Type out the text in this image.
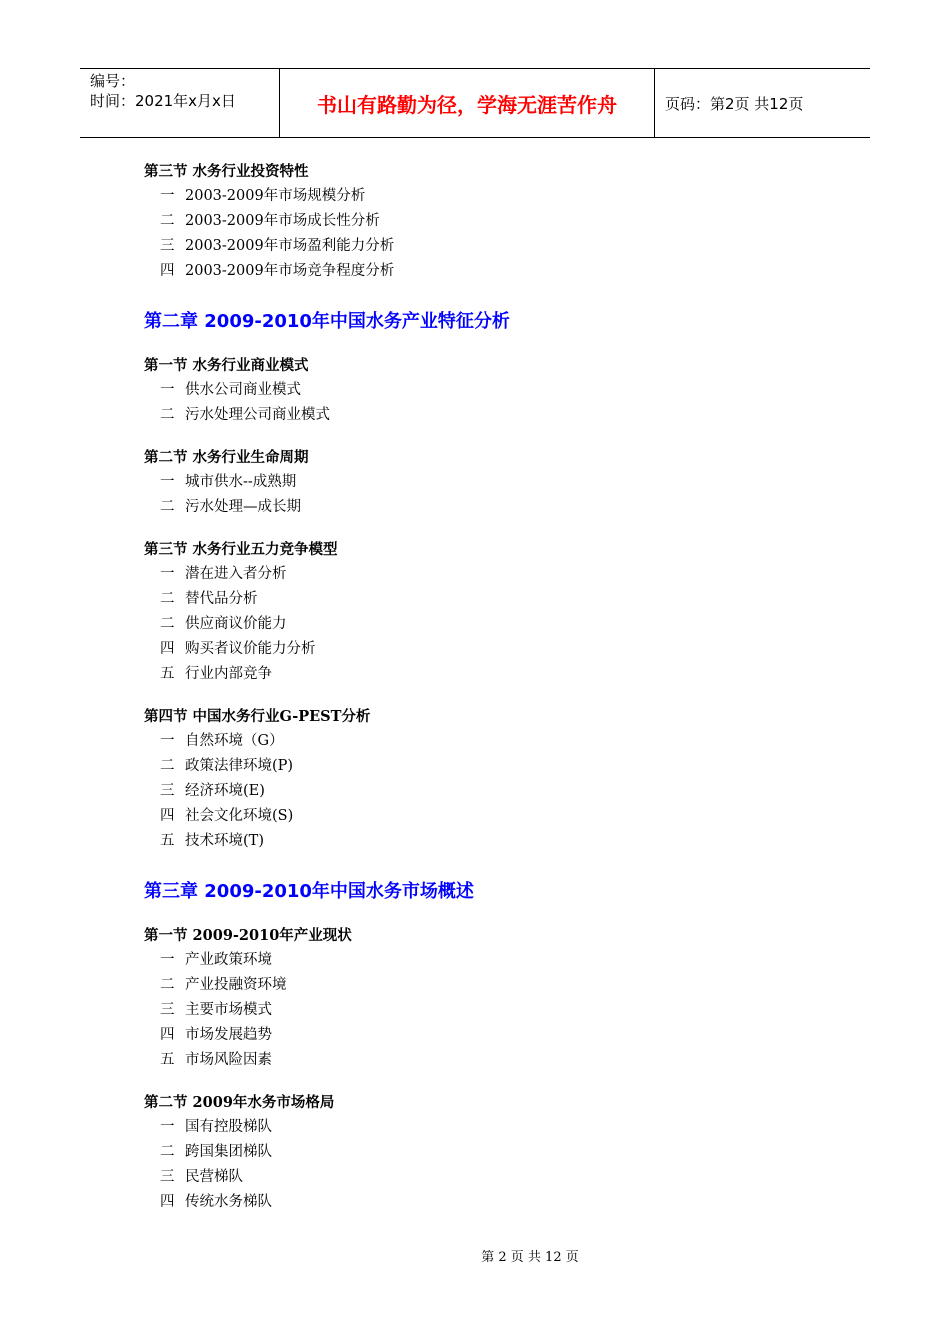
编号：
时间：2021年x月x日	书山有路勤为径，学海无涯苦作舟	页码：第2页 共12页
第三节 水务行业投资特性
一 2003-2009年市场规模分析
二 2003-2009年市场成长性分析
三 2003-2009年市场盈利能力分析
四 2003-2009年市场竞争程度分析
第二章 2009-2010年中国水务产业特征分析
第一节 水务行业商业模式
一 供水公司商业模式
二 污水处理公司商业模式
第二节 水务行业生命周期
一 城市供水--成熟期
二 污水处理—成长期
第三节 水务行业五力竞争模型
一 潜在进入者分析
二 替代品分析
二 供应商议价能力
四 购买者议价能力分析
五 行业内部竞争
第四节 中国水务行业G-PEST分析
一 自然环境（G）
二 政策法律环境(P)
三 经济环境(E)
四 社会文化环境(S)
五 技术环境(T)
第三章 2009-2010年中国水务市场概述
第一节 2009-2010年产业现状
一 产业政策环境
二 产业投融资环境
三 主要市场模式
四 市场发展趋势
五 市场风险因素
第二节 2009年水务市场格局
一 国有控股梯队
二 跨国集团梯队
三 民营梯队
四 传统水务梯队
第 2 页 共 12 页
